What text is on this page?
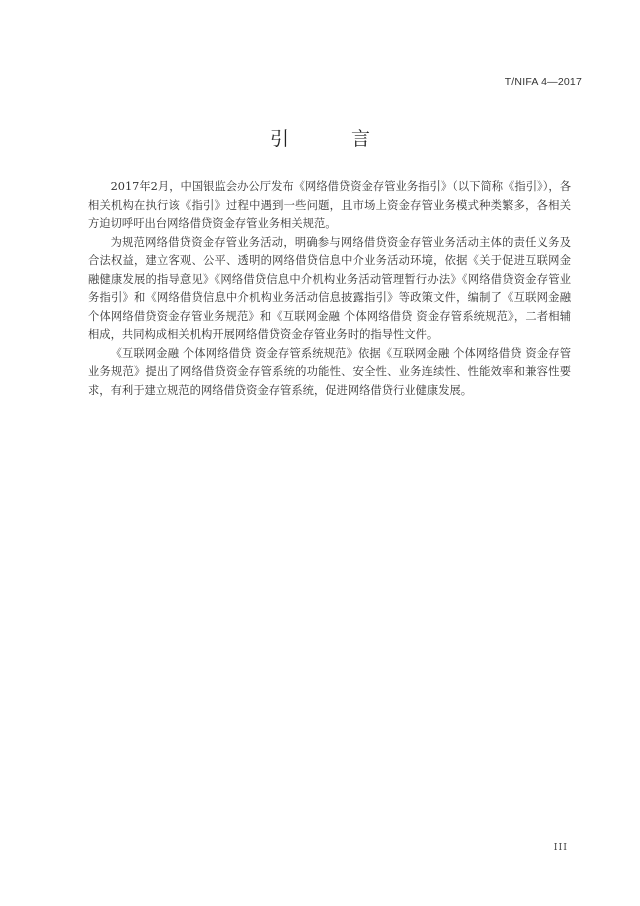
T/NIFA 4—2017
引 言

2017年2月，中国银监会办公厅发布《网络借贷资金存管业务指引》（以下简称《指引》），各相关机构在执行该《指引》过程中遇到一些问题，且市场上资金存管业务模式种类繁多，各相关方迫切呼吁出台网络借贷资金存管业务相关规范。

为规范网络借贷资金存管业务活动，明确参与网络借贷资金存管业务活动主体的责任义务及合法权益，建立客观、公平、透明的网络借贷信息中介业务活动环境，依据《关于促进互联网金融健康发展的指导意见》《网络借贷信息中介机构业务活动管理暂行办法》《网络借贷资金存管业务指引》和《网络借贷信息中介机构业务活动信息披露指引》等政策文件，编制了《互联网金融 个体网络借贷资金存管业务规范》和《互联网金融 个体网络借贷 资金存管系统规范》，二者相辅相成，共同构成相关机构开展网络借贷资金存管业务时的指导性文件。

《互联网金融 个体网络借贷 资金存管系统规范》依据《互联网金融 个体网络借贷 资金存管业务规范》提出了网络借贷资金存管系统的功能性、安全性、业务连续性、性能效率和兼容性要求，有利于建立规范的网络借贷资金存管系统，促进网络借贷行业健康发展。

III
